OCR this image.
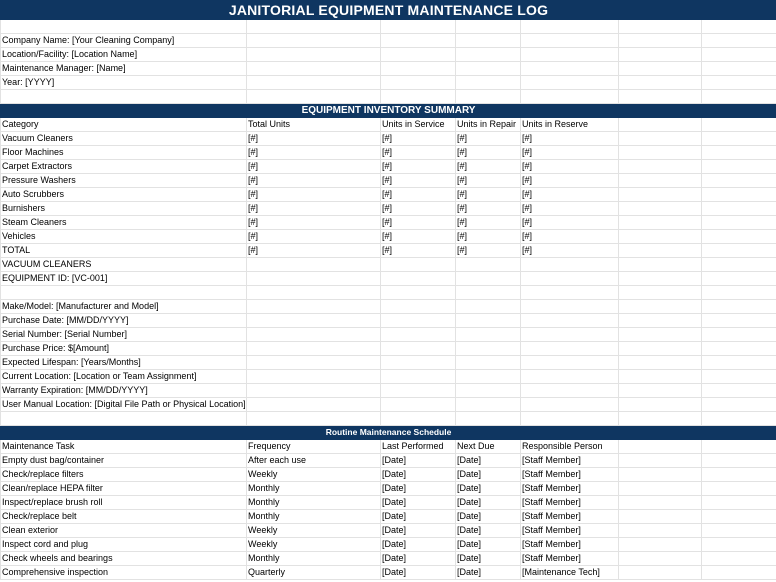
JANITORIAL EQUIPMENT MAINTENANCE LOG						

Company Name: [Your Cleaning Company]						
Location/Facility: [Location Name]						
Maintenance Manager: [Name]						
Year: [YYYY]						

EQUIPMENT INVENTORY SUMMARY						
Category	Total Units	Units in Service	Units in Repair	Units in Reserve		
Vacuum Cleaners	[#]	[#]	[#]	[#]		
Floor Machines	[#]	[#]	[#]	[#]		
Carpet Extractors	[#]	[#]	[#]	[#]		
Pressure Washers	[#]	[#]	[#]	[#]		
Auto Scrubbers	[#]	[#]	[#]	[#]		
Burnishers	[#]	[#]	[#]	[#]		
Steam Cleaners	[#]	[#]	[#]	[#]		
Vehicles	[#]	[#]	[#]	[#]		
TOTAL	[#]	[#]	[#]	[#]		
VACUUM CLEANERS						
EQUIPMENT ID: [VC-001]						

Make/Model: [Manufacturer and Model]						
Purchase Date: [MM/DD/YYYY]						
Serial Number: [Serial Number]						
Purchase Price: $[Amount]						
Expected Lifespan: [Years/Months]						
Current Location: [Location or Team Assignment]						
Warranty Expiration: [MM/DD/YYYY]						
User Manual Location: [Digital File Path or Physical Location]						

Routine Maintenance Schedule						
Maintenance Task	Frequency	Last Performed	Next Due	Responsible Person		
Empty dust bag/container	After each use	[Date]	[Date]	[Staff Member]		
Check/replace filters	Weekly	[Date]	[Date]	[Staff Member]		
Clean/replace HEPA filter	Monthly	[Date]	[Date]	[Staff Member]		
Inspect/replace brush roll	Monthly	[Date]	[Date]	[Staff Member]		
Check/replace belt	Monthly	[Date]	[Date]	[Staff Member]		
Clean exterior	Weekly	[Date]	[Date]	[Staff Member]		
Inspect cord and plug	Weekly	[Date]	[Date]	[Staff Member]		
Check wheels and bearings	Monthly	[Date]	[Date]	[Staff Member]		
Comprehensive inspection	Quarterly	[Date]	[Date]	[Maintenance Tech]		
